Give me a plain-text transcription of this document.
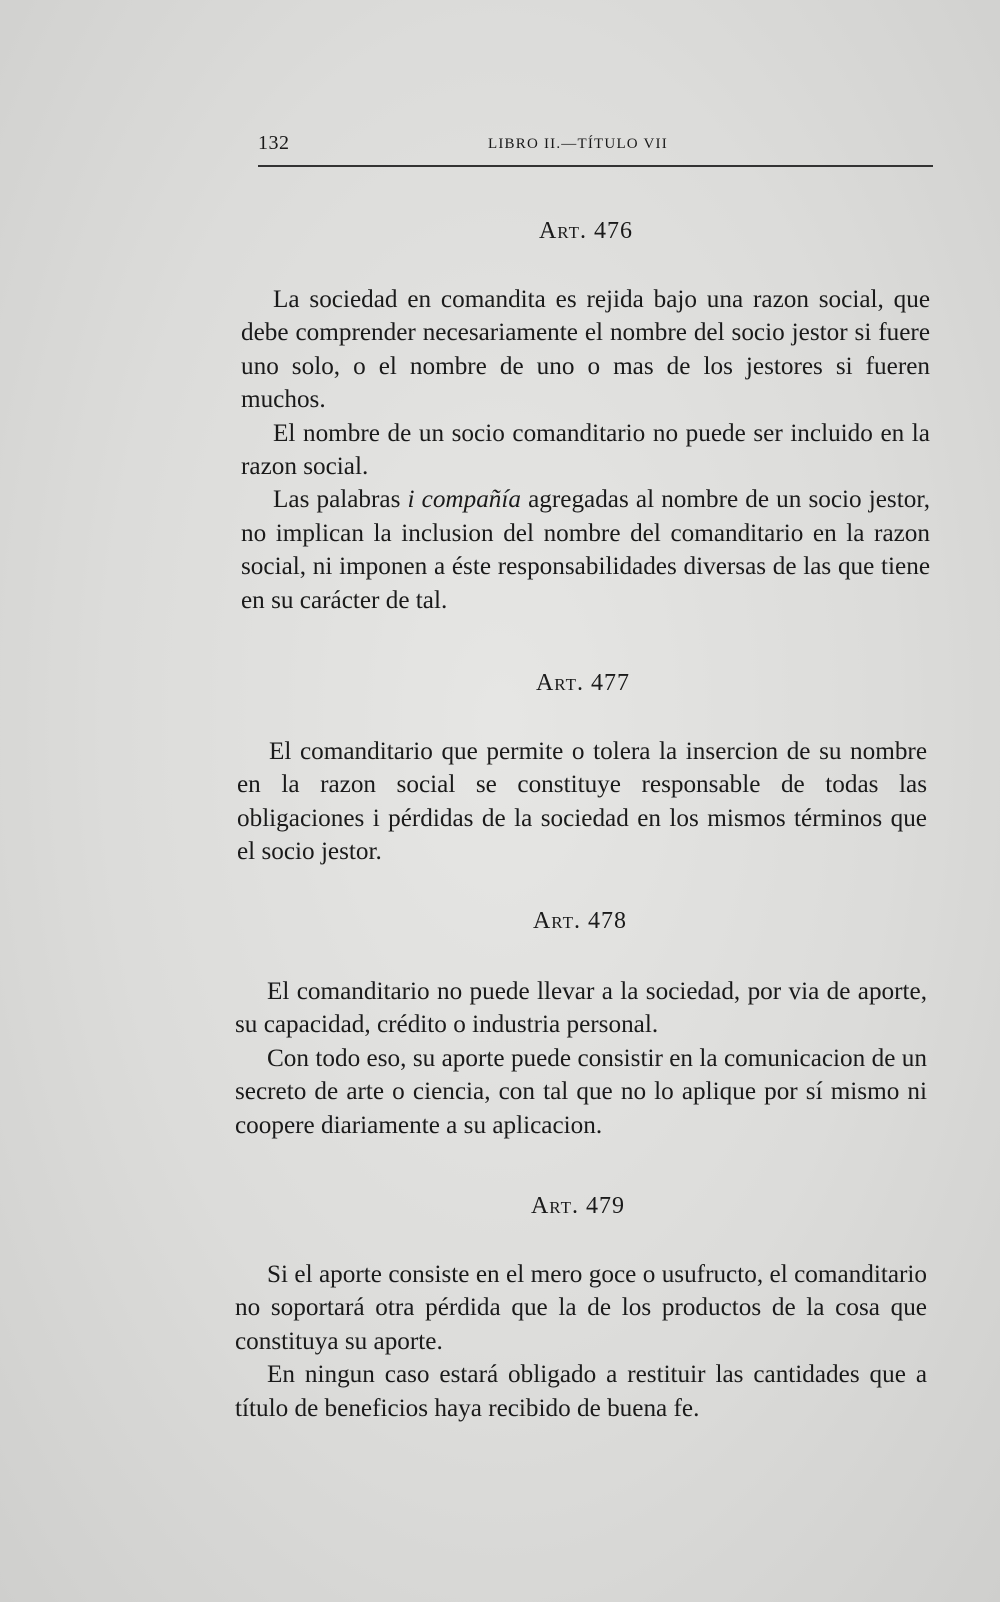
132	LIBRO II.—TÍTULO VII
Art. 476

La sociedad en comandita es rejida bajo una razon social, que debe comprender necesariamente el nombre del socio jestor si fuere uno solo, o el nombre de uno o mas de los jestores si fueren muchos.

El nombre de un socio comanditario no puede ser incluido en la razon social.

Las palabras i compañía agregadas al nombre de un socio jestor, no implican la inclusion del nombre del comanditario en la razon social, ni imponen a éste responsabilidades diversas de las que tiene en su carácter de tal.

Art. 477

El comanditario que permite o tolera la insercion de su nombre en la razon social se constituye responsable de todas las obligaciones i pérdidas de la sociedad en los mismos términos que el socio jestor.

Art. 478

El comanditario no puede llevar a la sociedad, por via de aporte, su capacidad, crédito o industria personal.

Con todo eso, su aporte puede consistir en la comunicacion de un secreto de arte o ciencia, con tal que no lo aplique por sí mismo ni coopere diariamente a su aplicacion.

Art. 479

Si el aporte consiste en el mero goce o usufructo, el comanditario no soportará otra pérdida que la de los productos de la cosa que constituya su aporte.

En ningun caso estará obligado a restituir las cantidades que a título de beneficios haya recibido de buena fe.
